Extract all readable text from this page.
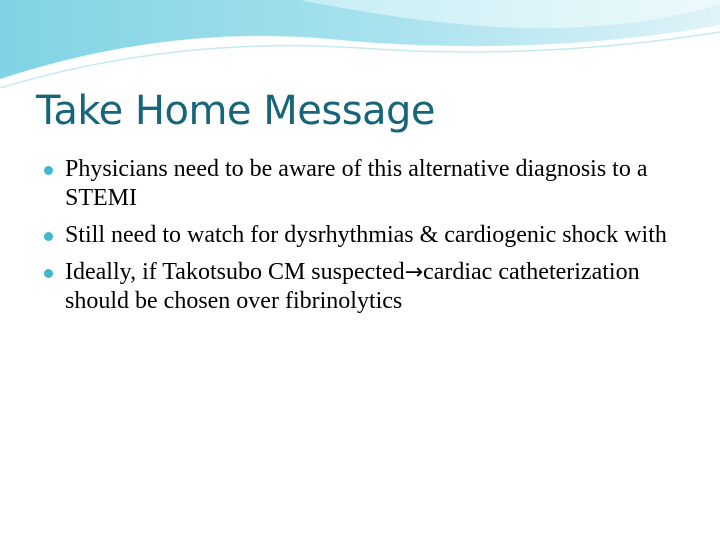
Take Home Message
Physicians need to be aware of this alternative diagnosis to a STEMI
Still need to watch for dysrhythmias & cardiogenic shock with
Ideally, if Takotsubo CM suspected→cardiac catheterization should be chosen over fibrinolytics
